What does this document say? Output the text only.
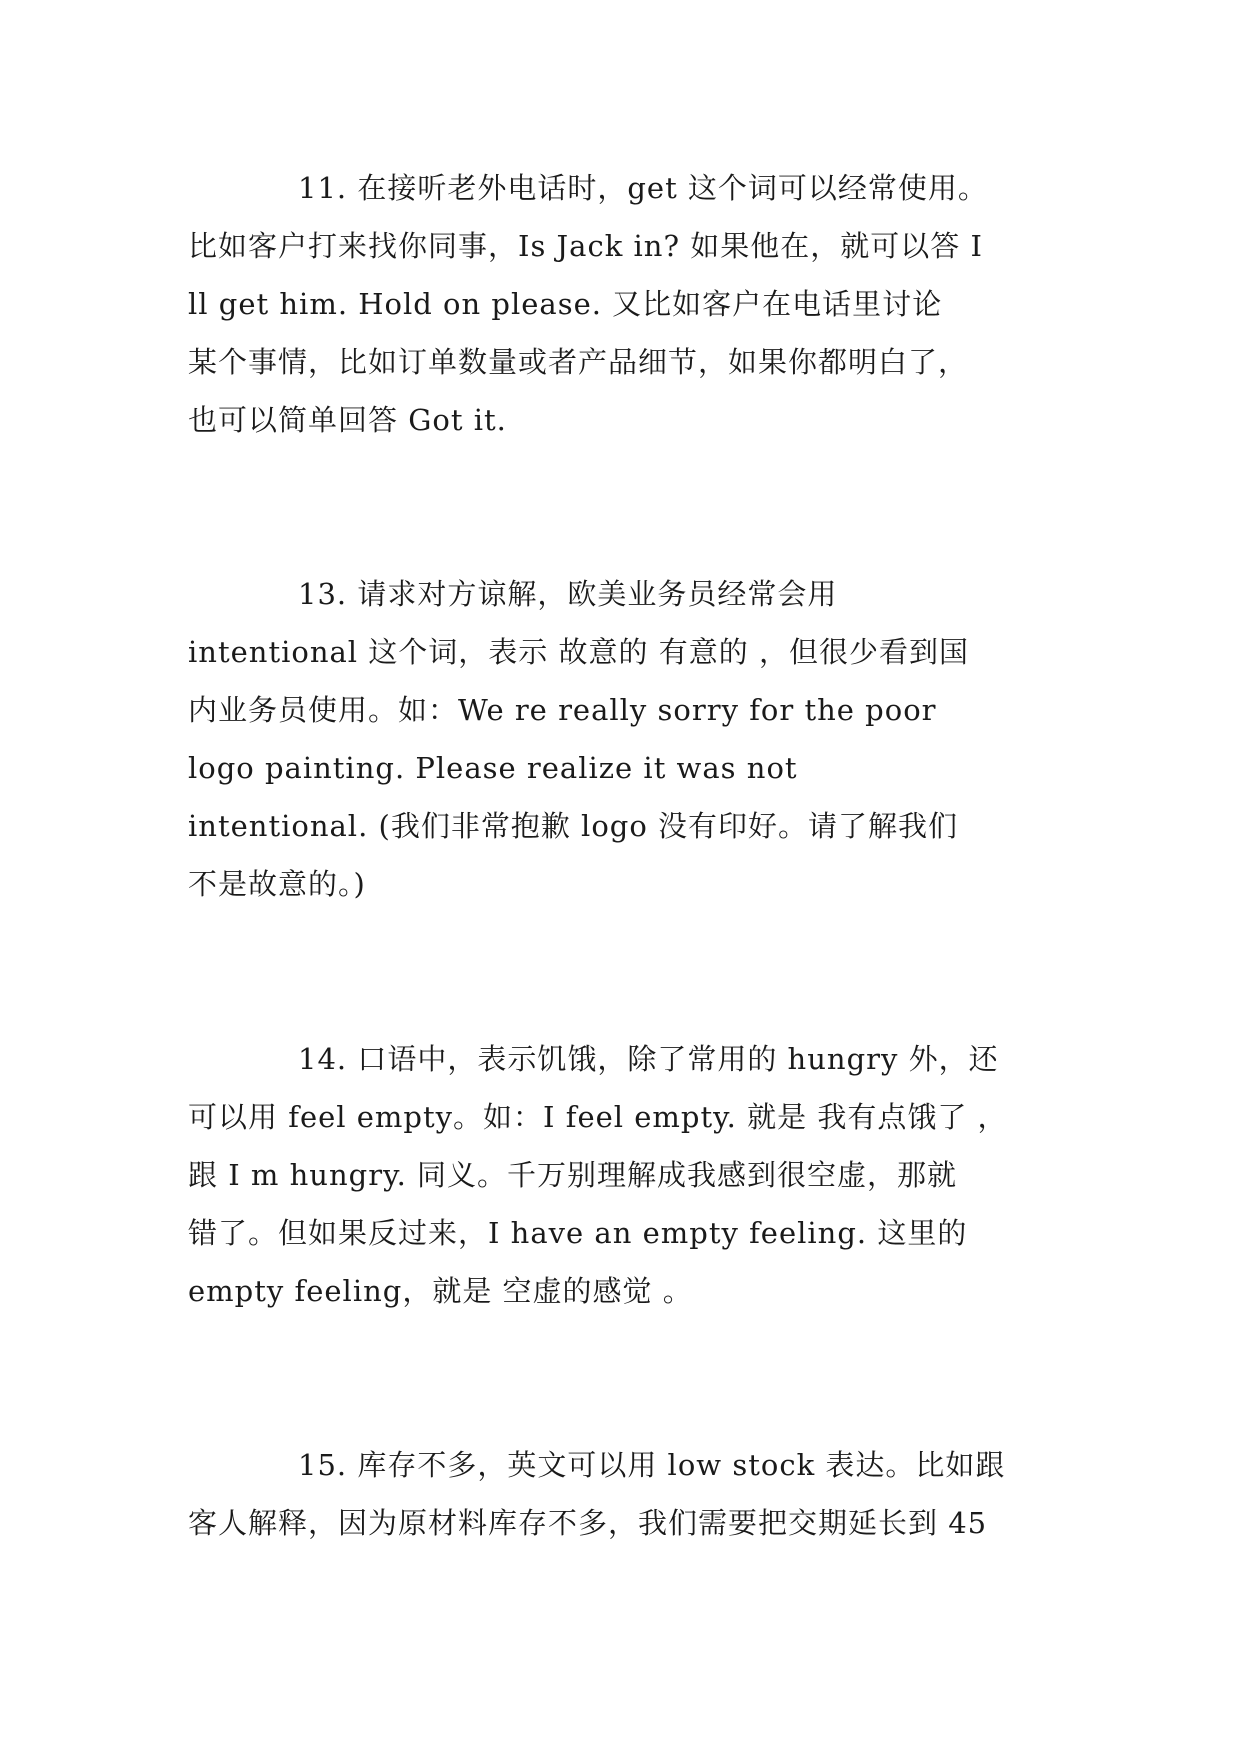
11. 在接听老外电话时，get 这个词可以经常使用。
比如客户打来找你同事，Is Jack in? 如果他在，就可以答 I
ll get him. Hold on please. 又比如客户在电话里讨论
某个事情，比如订单数量或者产品细节，如果你都明白了，
也可以简单回答 Got it.
13. 请求对方谅解，欧美业务员经常会用
intentional 这个词，表示 故意的 有意的 ，但很少看到国
内业务员使用。如：We re really sorry for the poor
logo painting. Please realize it was not
intentional. (我们非常抱歉 logo 没有印好。请了解我们
不是故意的。)
14. 口语中，表示饥饿，除了常用的 hungry 外，还
可以用 feel empty。如：I feel empty. 就是 我有点饿了 ，
跟 I m hungry. 同义。千万别理解成我感到很空虚，那就
错了。但如果反过来，I have an empty feeling. 这里的
empty feeling，就是 空虚的感觉 。
15. 库存不多，英文可以用 low stock 表达。比如跟
客人解释，因为原材料库存不多，我们需要把交期延长到 45
